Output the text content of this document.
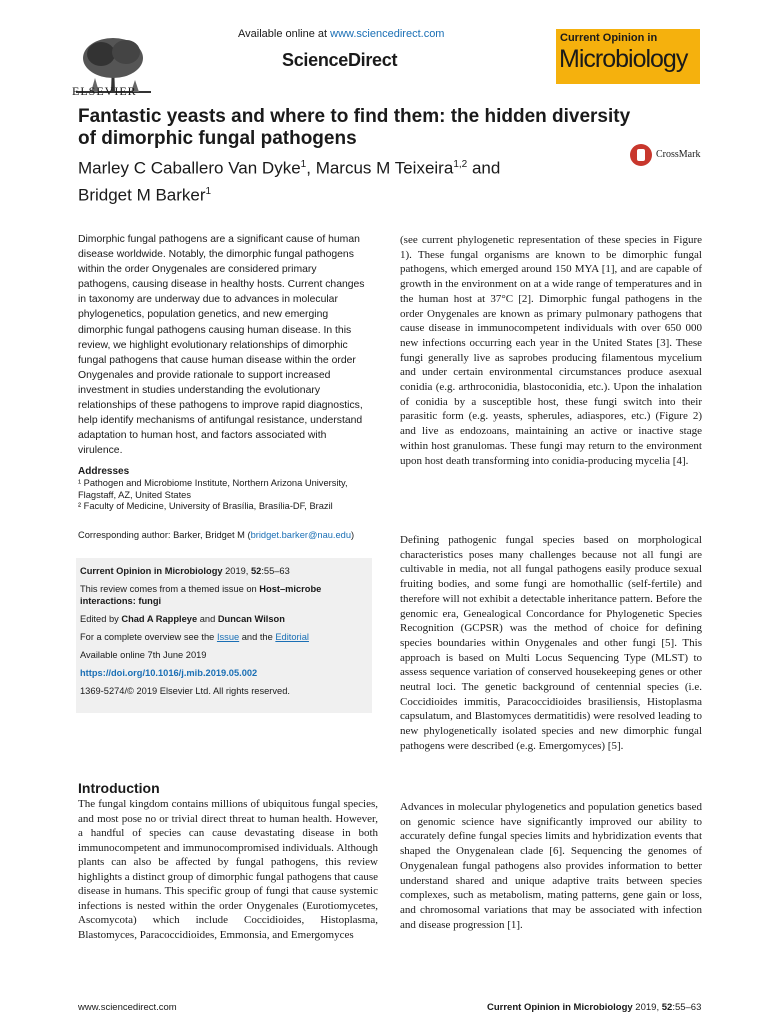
ELSEVIER
Available online at www.sciencedirect.com
ScienceDirect
Current Opinion in
Microbiology
Fantastic yeasts and where to find them: the hidden diversity of dimorphic fungal pathogens
Marley C Caballero Van Dyke$^1$, Marcus M Teixeira$^{1,2}$ and
Bridget M Barker$^1$
CrossMark

Dimorphic fungal pathogens are a significant cause of human disease worldwide. Notably, the dimorphic fungal pathogens within the order Onygenales are considered primary pathogens, causing disease in healthy hosts. Current changes in taxonomy are underway due to advances in molecular phylogenetics, population genetics, and new emerging dimorphic fungal pathogens causing human disease. In this review, we highlight evolutionary relationships of dimorphic fungal pathogens that cause human disease within the order Onygenales and provide rationale to support increased investment in studies understanding the evolutionary relationships of these pathogens to improve rapid diagnostics, help identify mechanisms of antifungal resistance, understand adaptation to human host, and factors associated with virulence.

Addresses
¹ Pathogen and Microbiome Institute, Northern Arizona University, Flagstaff, AZ, United States
² Faculty of Medicine, University of Brasília, Brasília-DF, Brazil
Corresponding author: Barker, Bridget M (bridget.barker@nau.edu)
Current Opinion in Microbiology 2019, 52:55–63
This review comes from a themed issue on Host–microbe interactions: fungi
Edited by Chad A Rappleye and Duncan Wilson
For a complete overview see the Issue and the Editorial
Available online 7th June 2019
https://doi.org/10.1016/j.mib.2019.05.002
1369-5274/© 2019 Elsevier Ltd. All rights reserved.
Introduction

The fungal kingdom contains millions of ubiquitous fungal species, and most pose no or trivial direct threat to human health. However, a handful of species can cause devastating disease in both immunocompetent and immunocompromised individuals. Although plants can also be affected by fungal pathogens, this review highlights a distinct group of dimorphic fungal pathogens that cause disease in humans. This specific group of fungi that cause systemic infections is nested within the order Onygenales (Eurotiomycetes, Ascomycota) which include Coccidioides, Histoplasma, Blastomyces, Paracoccidioides, Emmonsia, and Emergomyces

(see current phylogenetic representation of these species in Figure 1). These fungal organisms are known to be dimorphic fungal pathogens, which emerged around 150 MYA [1], and are capable of growth in the environment on at a wide range of temperatures and in the human host at 37°C [2]. Dimorphic fungal pathogens in the order Onygenales are known as primary pulmonary pathogens that cause disease in immunocompetent individuals with over 650 000 new infections occurring each year in the United States [3]. These fungi generally live as saprobes producing filamentous mycelium and under certain environmental circumstances produce asexual conidia (e.g. arthroconidia, blastoconidia, etc.). Upon the inhalation of conidia by a susceptible host, these fungi switch into their parasitic form (e.g. yeasts, spherules, adiaspores, etc.) (Figure 2) and live as endozoans, maintaining an active or inactive stage within host granulomas. These fungi may return to the environment upon host death transforming into conidia-producing mycelia [4].

Defining pathogenic fungal species based on morphological characteristics poses many challenges because not all fungi are cultivable in media, not all fungal pathogens easily produce sexual fruiting bodies, and some fungi are homothallic (self-fertile) and therefore will not exhibit a detectable inheritance pattern. Before the genomic era, Genealogical Concordance for Phylogenetic Species Recognition (GCPSR) was the method of choice for defining species boundaries within Onygenales and other fungi [5]. This approach is based on Multi Locus Sequencing Type (MLST) to assess sequence variation of conserved housekeeping genes or other neutral loci. The genetic background of centennial species (i.e. Coccidioides immitis, Paracoccidioides brasiliensis, Histoplasma capsulatum, and Blastomyces dermatitidis) were resolved leading to new phylogenetically isolated species and new dimorphic fungal pathogens were described (e.g. Emergomyces) [5].

Advances in molecular phylogenetics and population genetics based on genomic science have significantly improved our ability to accurately define fungal species limits and hybridization events that shaped the Onygenalean clade [6]. Sequencing the genomes of Onygenalean fungal pathogens also provides information to better understand shared and unique adaptive traits between species complexes, such as metabolism, mating patterns, gene gain or loss, and chromosomal variations that may be associated with infection and disease progression [1].

www.sciencedirect.com	Current Opinion in Microbiology 2019, 52:55–63
